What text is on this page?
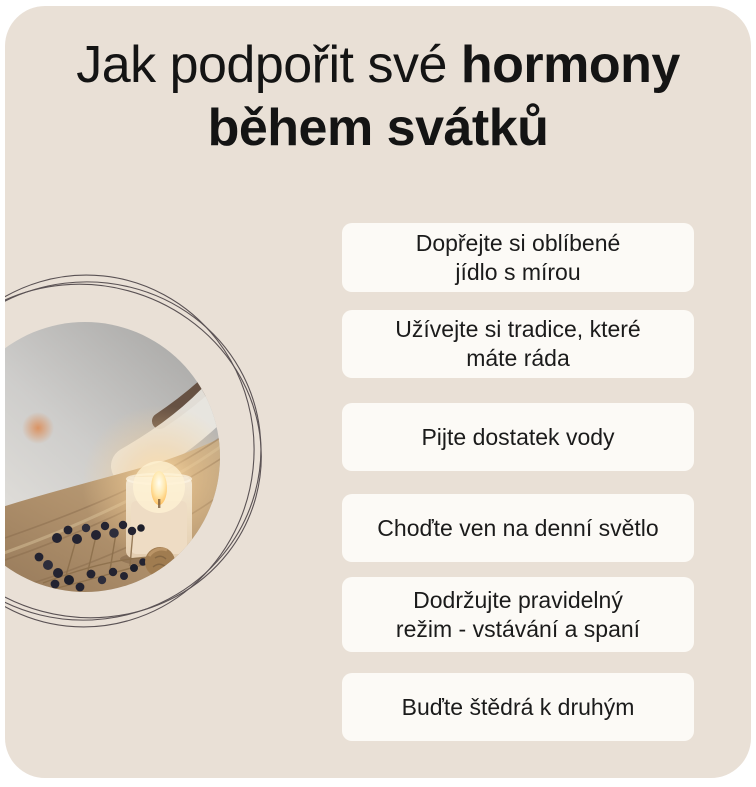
Jak podpořit své hormony
během svátků
Dopřejte si oblíbené
jídlo s mírou
Užívejte si tradice, které
máte ráda
Pijte dostatek vody
Choďte ven na denní světlo
Dodržujte pravidelný
režim - vstávání a spaní
Buďte štědrá k druhým
